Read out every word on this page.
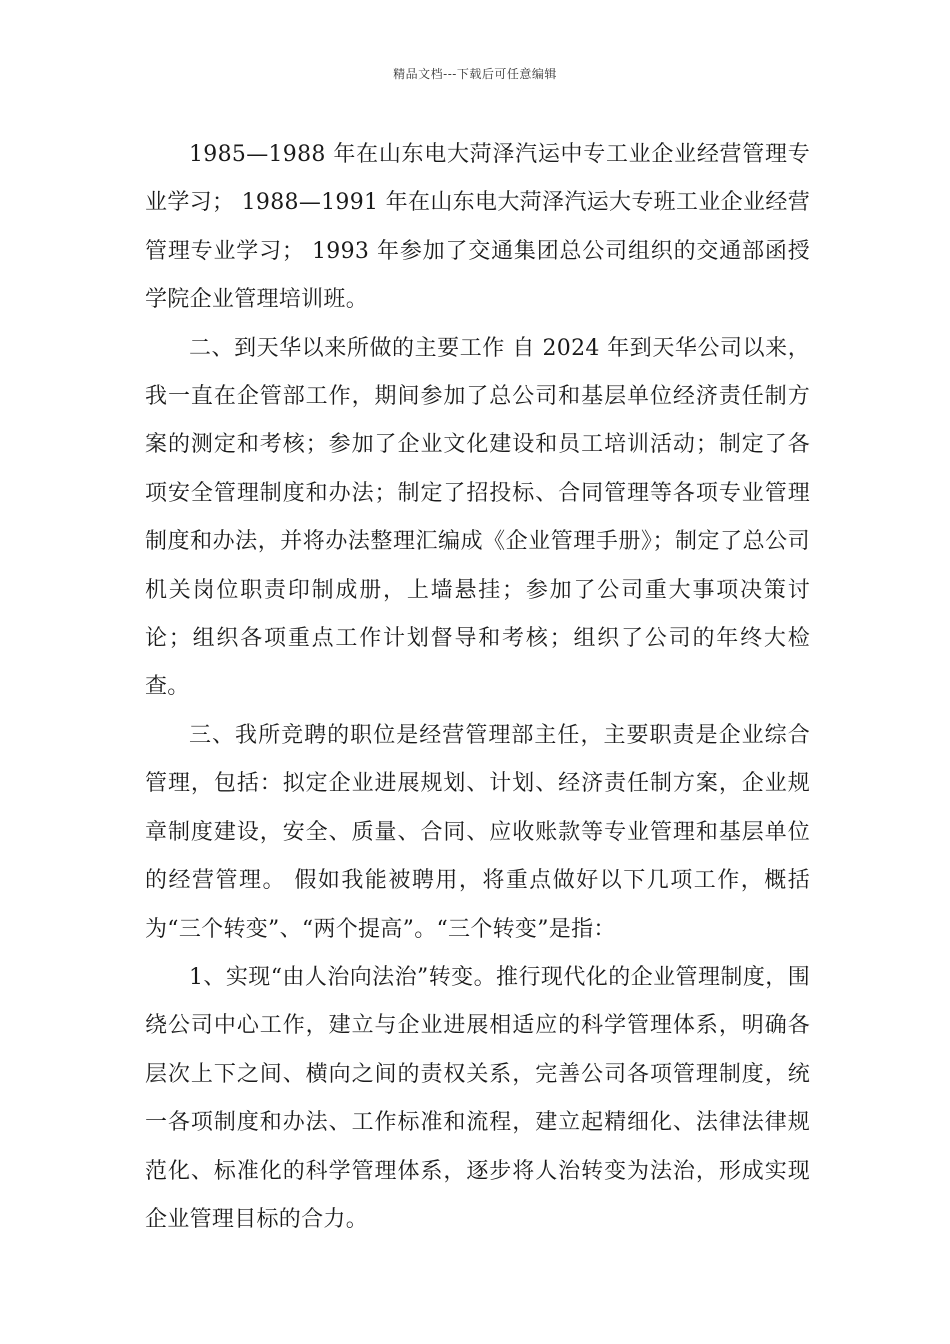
精品文档---下载后可任意编辑

1985—1988 年在山东电大菏泽汽运中专工业企业经营管理专业学习； 1988—1991 年在山东电大菏泽汽运大专班工业企业经营管理专业学习； 1993 年参加了交通集团总公司组织的交通部函授学院企业管理培训班。

二、到天华以来所做的主要工作 自 2024 年到天华公司以来，我一直在企管部工作，期间参加了总公司和基层单位经济责任制方案的测定和考核；参加了企业文化建设和员工培训活动；制定了各项安全管理制度和办法；制定了招投标、合同管理等各项专业管理制度和办法，并将办法整理汇编成《企业管理手册》；制定了总公司机关岗位职责印制成册，上墙悬挂；参加了公司重大事项决策讨论；组织各项重点工作计划督导和考核；组织了公司的年终大检查。

三、我所竞聘的职位是经营管理部主任，主要职责是企业综合管理，包括：拟定企业进展规划、计划、经济责任制方案，企业规章制度建设，安全、质量、合同、应收账款等专业管理和基层单位的经营管理。 假如我能被聘用，将重点做好以下几项工作，概括为“三个转变”、“两个提高”。“三个转变”是指：

1、实现“由人治向法治”转变。推行现代化的企业管理制度，围绕公司中心工作，建立与企业进展相适应的科学管理体系，明确各层次上下之间、横向之间的责权关系，完善公司各项管理制度，统一各项制度和办法、工作标准和流程，建立起精细化、法律法律规范化、标准化的科学管理体系，逐步将人治转变为法治，形成实现企业管理目标的合力。
